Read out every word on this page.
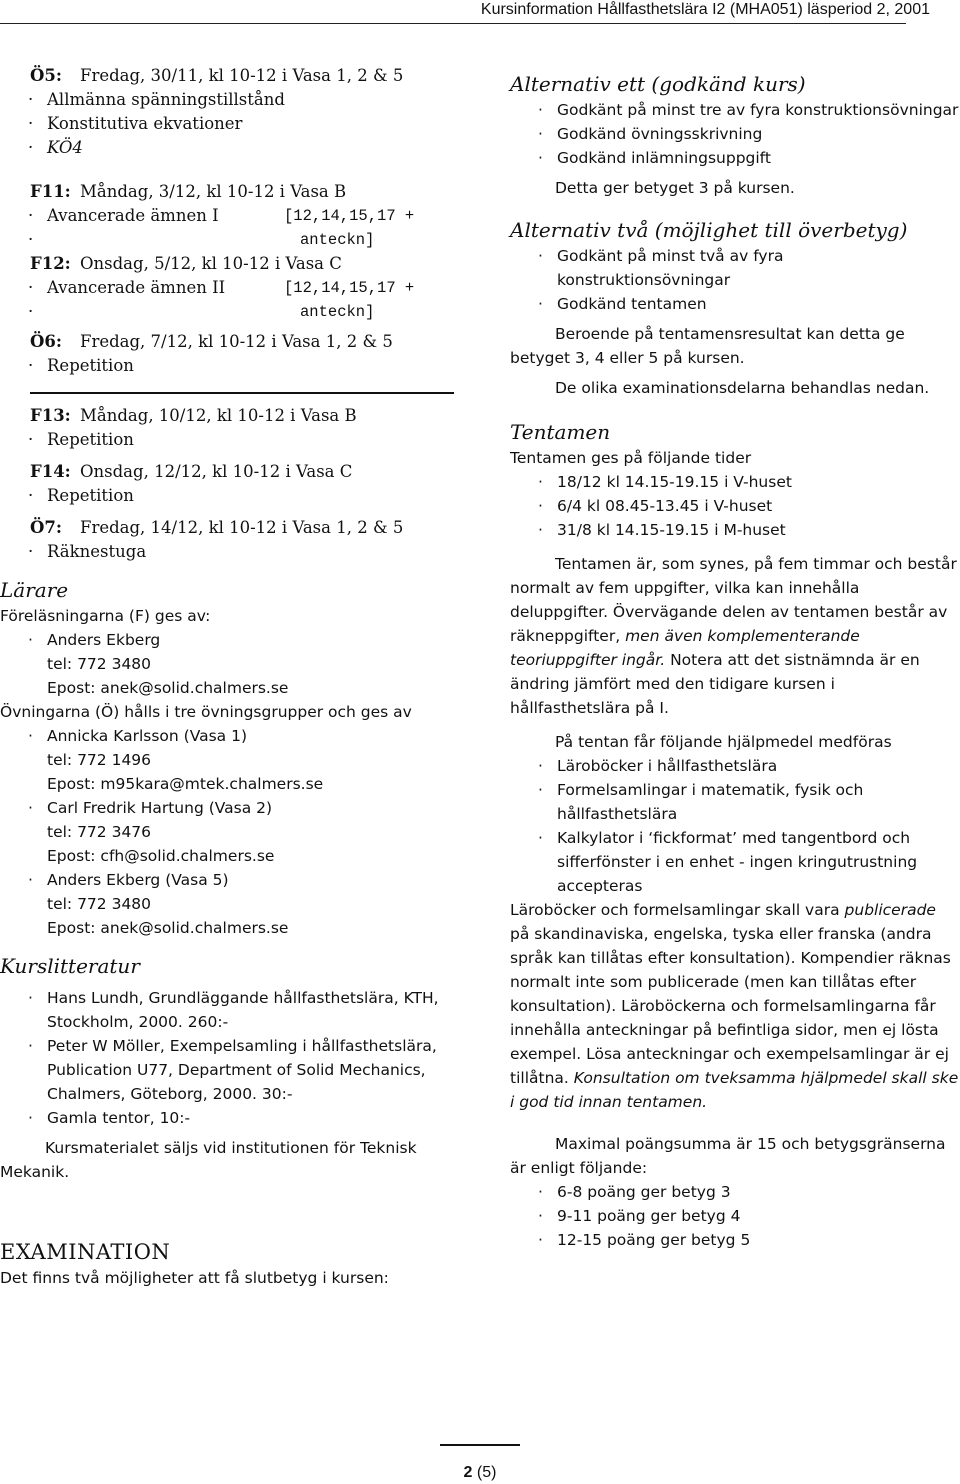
Kursinformation Hållfasthetslära I2 (MHA051) läsperiod 2, 2001
Ö5: Fredag, 30/11, kl 10-12 i Vasa 1, 2 & 5
· Allmänna spänningstillstånd
· Konstitutiva ekvationer
· KÖ4
F11: Måndag, 3/12, kl 10-12 i Vasa B
· Avancerade ämnen I	[12,14,15,17 +
· anteckn]
F12: Onsdag, 5/12, kl 10-12 i Vasa C
· Avancerade ämnen II	[12,14,15,17 +
· anteckn]
Ö6: Fredag, 7/12, kl 10-12 i Vasa 1, 2 & 5
· Repetition
F13: Måndag, 10/12, kl 10-12 i Vasa B
· Repetition
F14: Onsdag, 12/12, kl 10-12 i Vasa C
· Repetition
Ö7: Fredag, 14/12, kl 10-12 i Vasa 1, 2 & 5
· Räknestuga
Lärare
Föreläsningarna (F) ges av:
· Anders Ekberg
tel: 772 3480
Epost: anek@solid.chalmers.se
Övningarna (Ö) hålls i tre övningsgrupper och ges av
· Annicka Karlsson (Vasa 1)
tel: 772 1496
Epost: m95kara@mtek.chalmers.se
· Carl Fredrik Hartung (Vasa 2)
tel: 772 3476
Epost: cfh@solid.chalmers.se
· Anders Ekberg (Vasa 5)
tel: 772 3480
Epost: anek@solid.chalmers.se
Kurslitteratur
· Hans Lundh, Grundläggande hållfasthetslära, KTH, Stockholm, 2000. 260:-
· Peter W Möller, Exempelsamling i hållfasthetslära, Publication U77, Department of Solid Mechanics, Chalmers, Göteborg, 2000. 30:-
· Gamla tentor, 10:-
Kursmaterialet säljs vid institutionen för Teknisk Mekanik.
EXAMINATION
Det finns två möjligheter att få slutbetyg i kursen:
Alternativ ett (godkänd kurs)
· Godkänt på minst tre av fyra konstruktionsövningar
· Godkänd övningsskrivning
· Godkänd inlämningsuppgift
Detta ger betyget 3 på kursen.
Alternativ två (möjlighet till överbetyg)
· Godkänt på minst två av fyra konstruktionsövningar
· Godkänd tentamen
Beroende på tentamensresultat kan detta ge betyget 3, 4 eller 5 på kursen.
De olika examinationsdelarna behandlas nedan.
Tentamen
Tentamen ges på följande tider
· 18/12 kl 14.15-19.15 i V-huset
· 6/4 kl 08.45-13.45 i V-huset
· 31/8 kl 14.15-19.15 i M-huset
Tentamen är, som synes, på fem timmar och består normalt av fem uppgifter, vilka kan innehålla deluppgifter. Övervägande delen av tentamen består av räkneppgifter, men även komplementerande teoriuppgifter ingår. Notera att det sistnämnda är en ändring jämfört med den tidigare kursen i hållfasthetslära på I.
På tentan får följande hjälpmedel medföras
· Läroböcker i hållfasthetslära
· Formelsamlingar i matematik, fysik och hållfasthetslära
· Kalkylator i ‘fickformat’ med tangentbord och sifferfönster i en enhet - ingen kringutrustning accepteras
Läroböcker och formelsamlingar skall vara publicerade på skandinaviska, engelska, tyska eller franska (andra språk kan tillåtas efter konsultation). Kompendier räknas normalt inte som publicerade (men kan tillåtas efter konsultation). Läroböckerna och formelsamlingarna får innehålla anteckningar på befintliga sidor, men ej lösta exempel. Lösa anteckningar och exempelsamlingar är ej tillåtna. Konsultation om tveksamma hjälpmedel skall ske i god tid innan tentamen.
Maximal poängsumma är 15 och betygsgränserna är enligt följande:
· 6-8 poäng ger betyg 3
· 9-11 poäng ger betyg 4
· 12-15 poäng ger betyg 5
2 (5)
